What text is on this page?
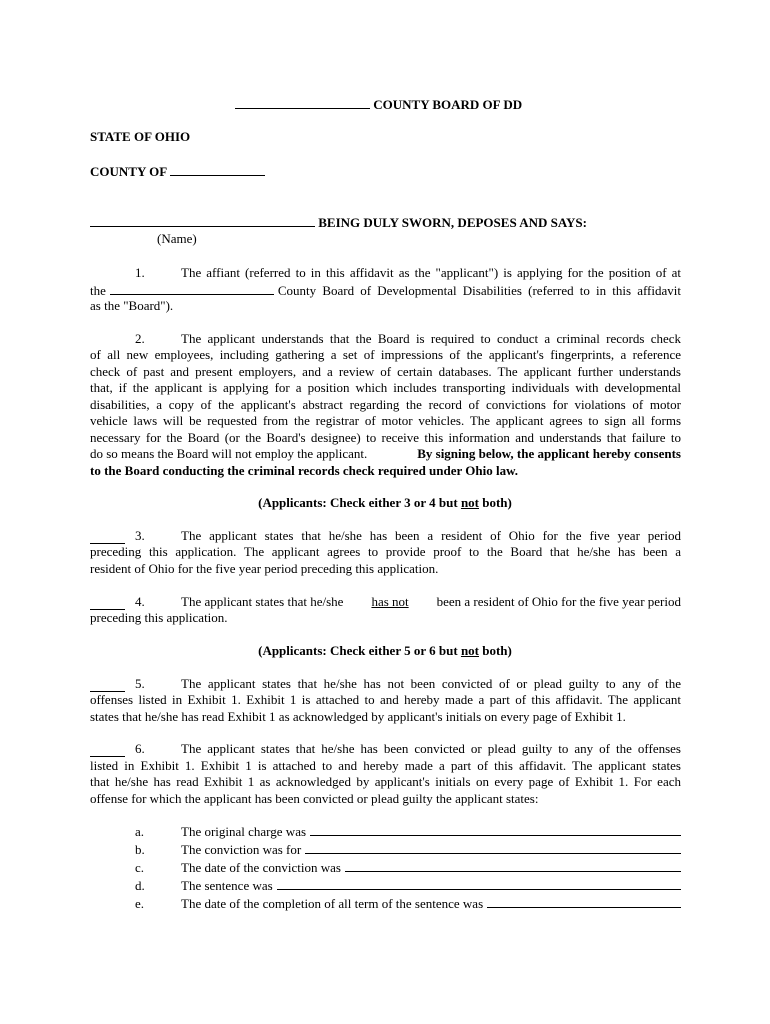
COUNTY BOARD OF DD
STATE OF OHIO
COUNTY OF
BEING DULY SWORN, DEPOSES AND SAYS:
(Name)
1.	The affiant (referred to in this affidavit as the "applicant") is applying for the position of at
the	County Board of Developmental Disabilities (referred to in this affidavit
as the "Board").
2.	The applicant understands that the Board is required to conduct a criminal records check
of all new employees, including gathering a set of impressions of the applicant's fingerprints, a reference
check of past and present employers, and a review of certain databases. The applicant further understands
that, if the applicant is applying for a position which includes transporting individuals with developmental
disabilities, a copy of the applicant's abstract regarding the record of convictions for violations of motor
vehicle laws will be requested from the registrar of motor vehicles. The applicant agrees to sign all forms
necessary for the Board (or the Board's designee) to receive this information and understands that failure to
do so means the Board will not employ the applicant.	By signing below, the applicant hereby consents
to the Board conducting the criminal records check required under Ohio law.
(Applicants: Check either 3 or 4 but not both)
3.	The applicant states that he/she has been a resident of Ohio for the five year period
preceding this application. The applicant agrees to provide proof to the Board that he/she has been a
resident of Ohio for the five year period preceding this application.
4.	The applicant states that he/she has not been a resident of Ohio for the five year period
preceding this application.
(Applicants: Check either 5 or 6 but not both)
5.	The applicant states that he/she has not been convicted of or plead guilty to any of the
offenses listed in Exhibit 1. Exhibit 1 is attached to and hereby made a part of this affidavit. The applicant
states that he/she has read Exhibit 1 as acknowledged by applicant's initials on every page of Exhibit 1.
6.	The applicant states that he/she has been convicted or plead guilty to any of the offenses
listed in Exhibit 1. Exhibit 1 is attached to and hereby made a part of this affidavit. The applicant states
that he/she has read Exhibit 1 as acknowledged by applicant's initials on every page of Exhibit 1. For each
offense for which the applicant has been convicted or plead guilty the applicant states:
a.	The original charge was
b.	The conviction was for
c.	The date of the conviction was
d.	The sentence was
e.	The date of the completion of all term of the sentence was
